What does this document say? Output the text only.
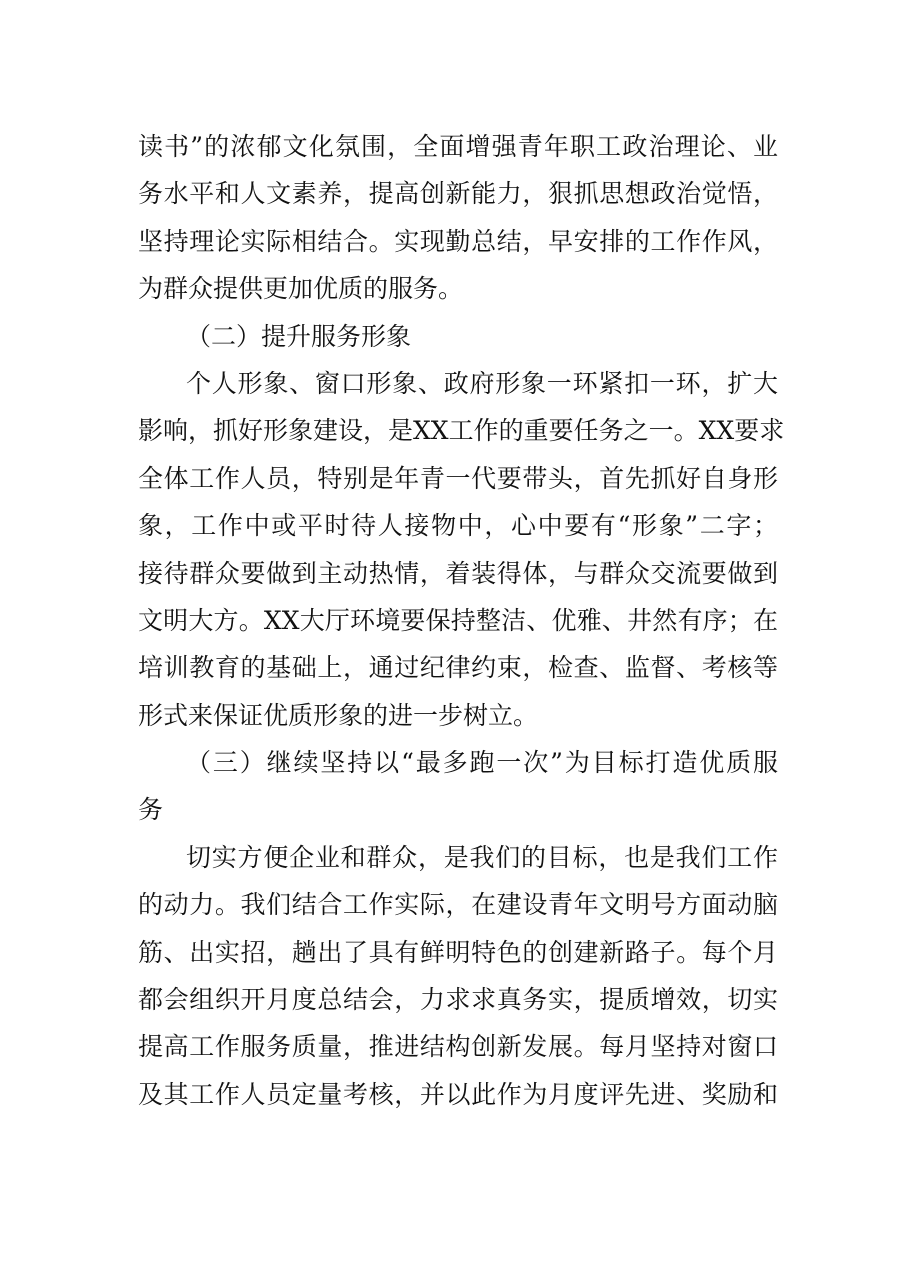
读书”的浓郁文化氛围，全面增强青年职工政治理论、业
务水平和人文素养，提高创新能力，狠抓思想政治觉悟，
坚持理论实际相结合。实现勤总结，早安排的工作作风，
为群众提供更加优质的服务。
（二）提升服务形象
个人形象、窗口形象、政府形象一环紧扣一环，扩大
影响，抓好形象建设，是XX工作的重要任务之一。XX要求
全体工作人员，特别是年青一代要带头，首先抓好自身形
象，工作中或平时待人接物中，心中要有“形象”二字；
接待群众要做到主动热情，着装得体，与群众交流要做到
文明大方。XX大厅环境要保持整洁、优雅、井然有序；在
培训教育的基础上，通过纪律约束，检查、监督、考核等
形式来保证优质形象的进一步树立。
（三）继续坚持以“最多跑一次”为目标打造优质服
务
切实方便企业和群众，是我们的目标，也是我们工作
的动力。我们结合工作实际，在建设青年文明号方面动脑
筋、出实招，趟出了具有鲜明特色的创建新路子。每个月
都会组织开月度总结会，力求求真务实，提质增效，切实
提高工作服务质量，推进结构创新发展。每月坚持对窗口
及其工作人员定量考核，并以此作为月度评先进、奖励和
